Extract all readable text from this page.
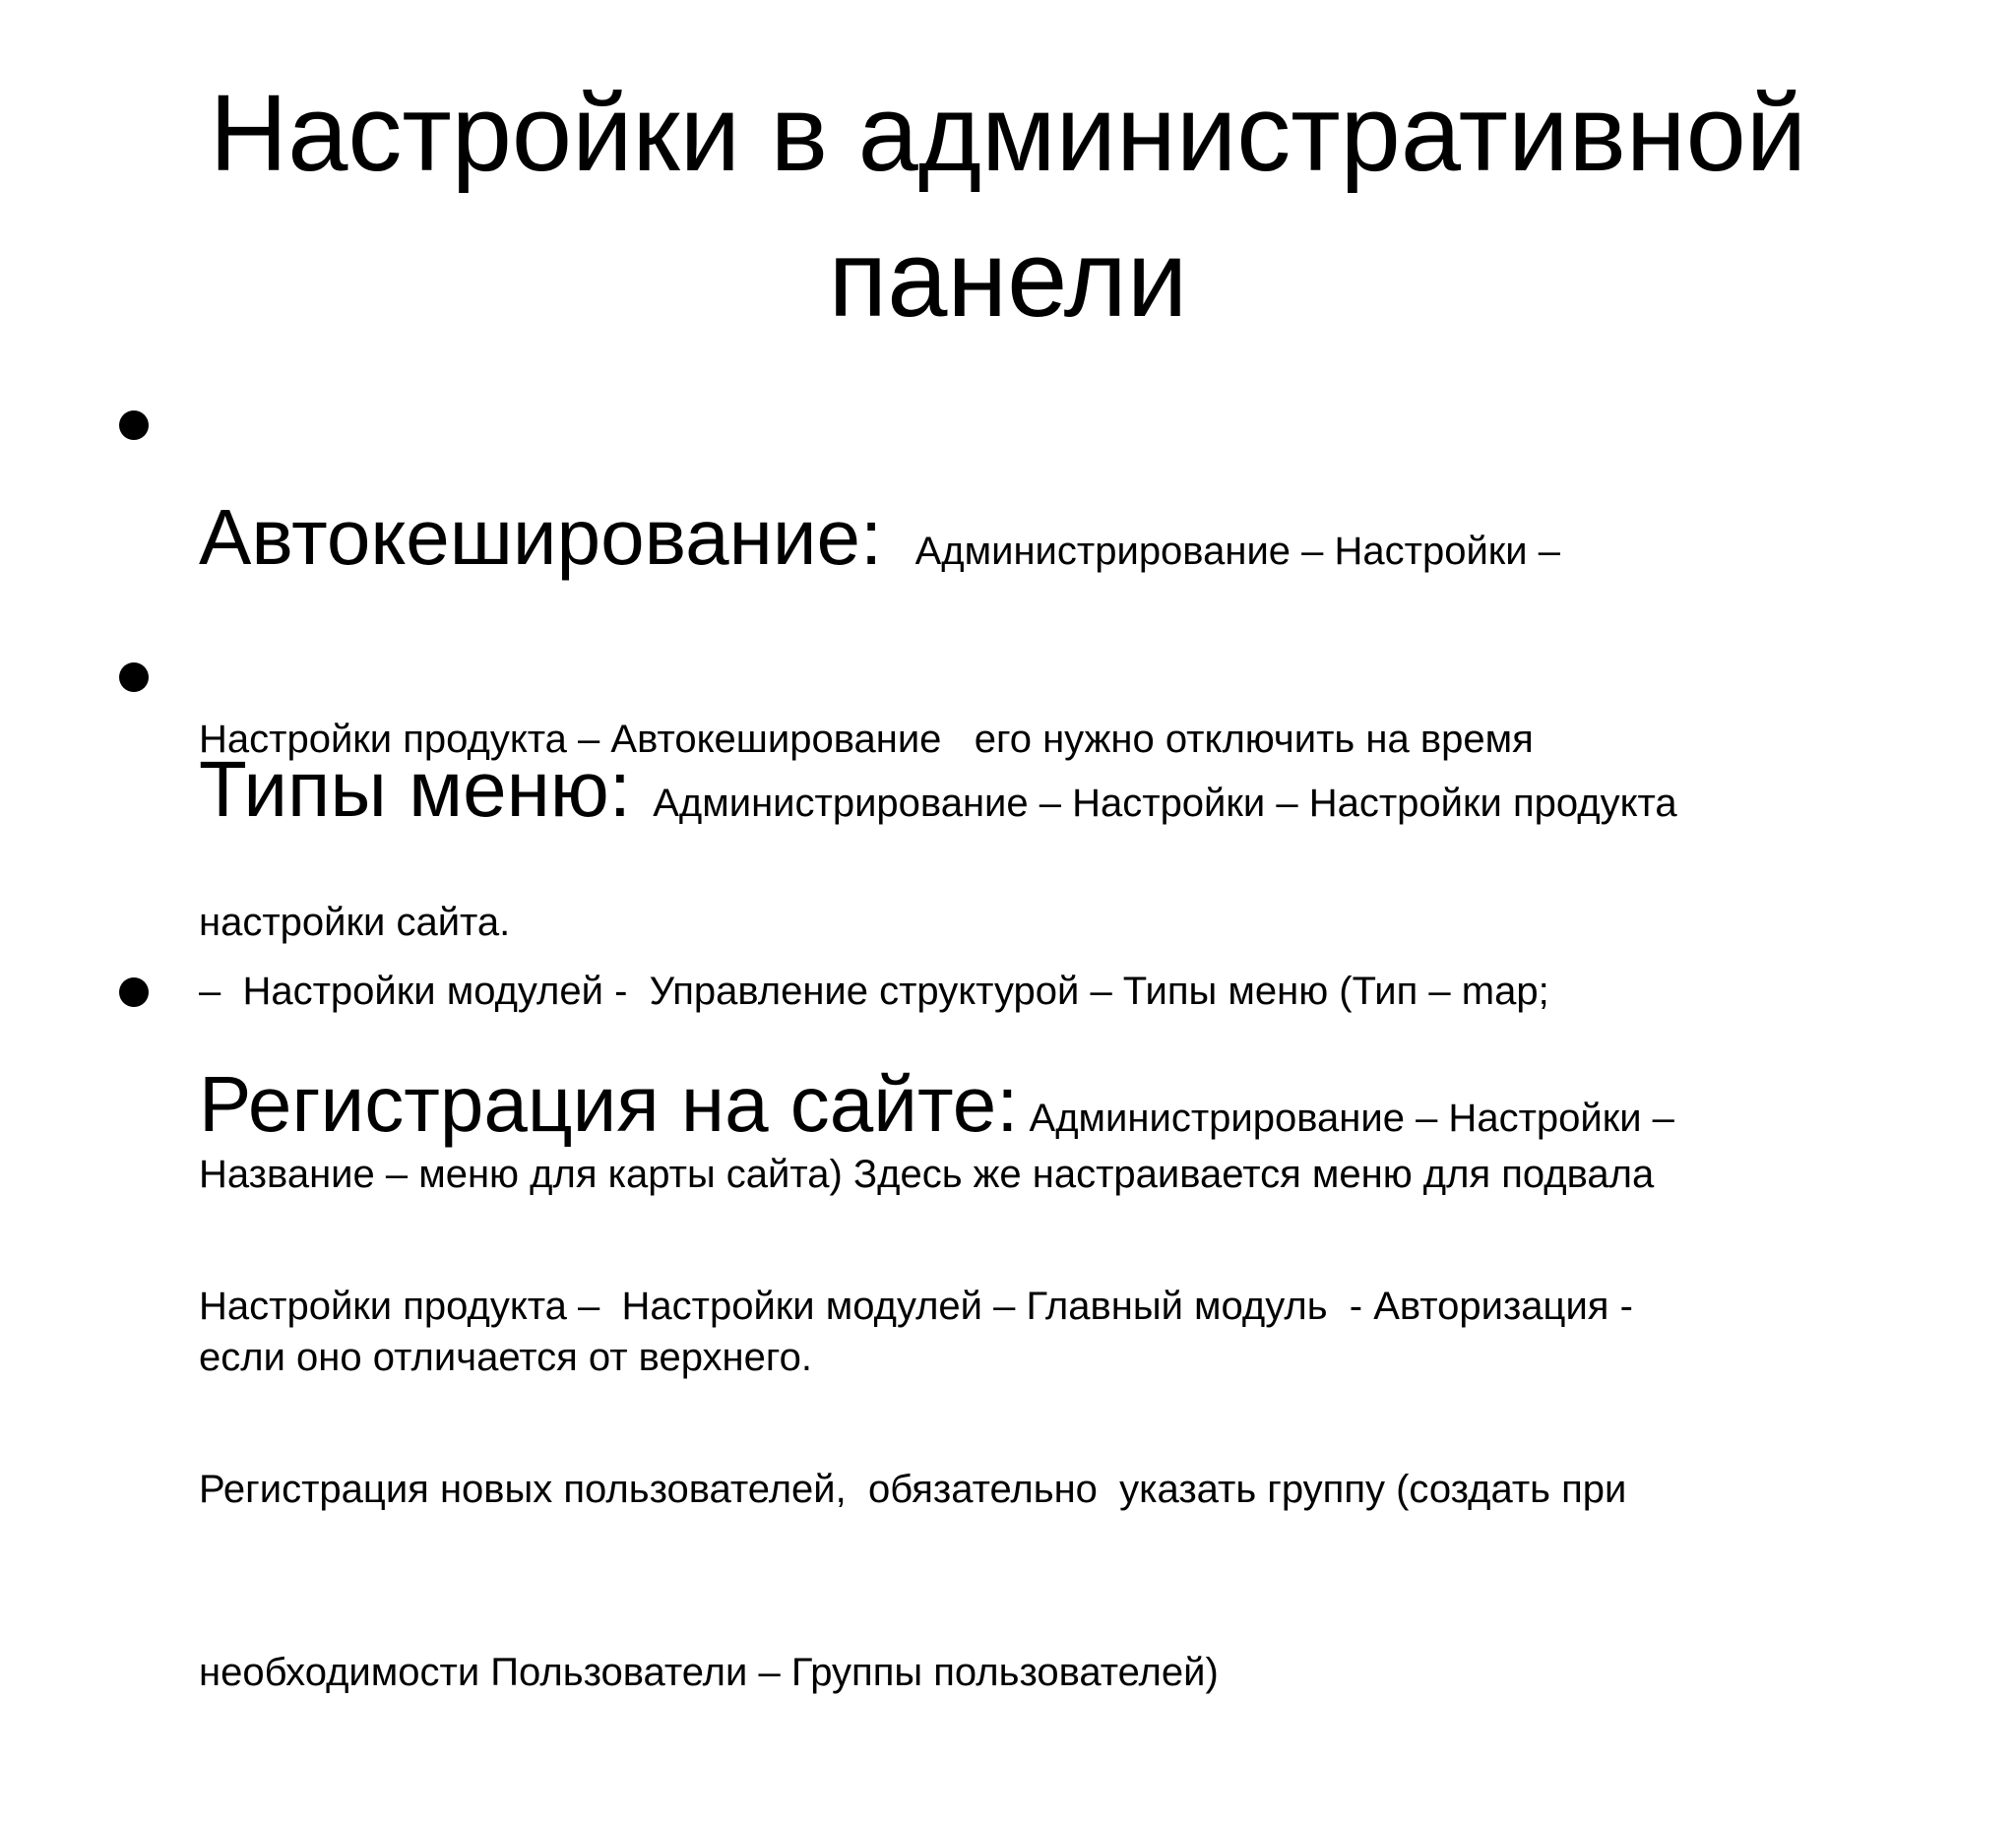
Настройки в административной
панели

Автокеширование:   Администрирование – Настройки –

Настройки продукта – Автокеширование   его нужно отключить на время

настройки сайта.

Типы меню:  Администрирование – Настройки – Настройки продукта

–  Настройки модулей -  Управление структурой – Типы меню (Тип – map;

Название – меню для карты сайта) Здесь же настраивается меню для подвала

если оно отличается от верхнего.

Регистрация на сайте: Администрирование – Настройки –

Настройки продукта –  Настройки модулей – Главный модуль  - Авторизация -

Регистрация новых пользователей,  обязательно  указать группу (создать при

необходимости Пользователи – Группы пользователей)
